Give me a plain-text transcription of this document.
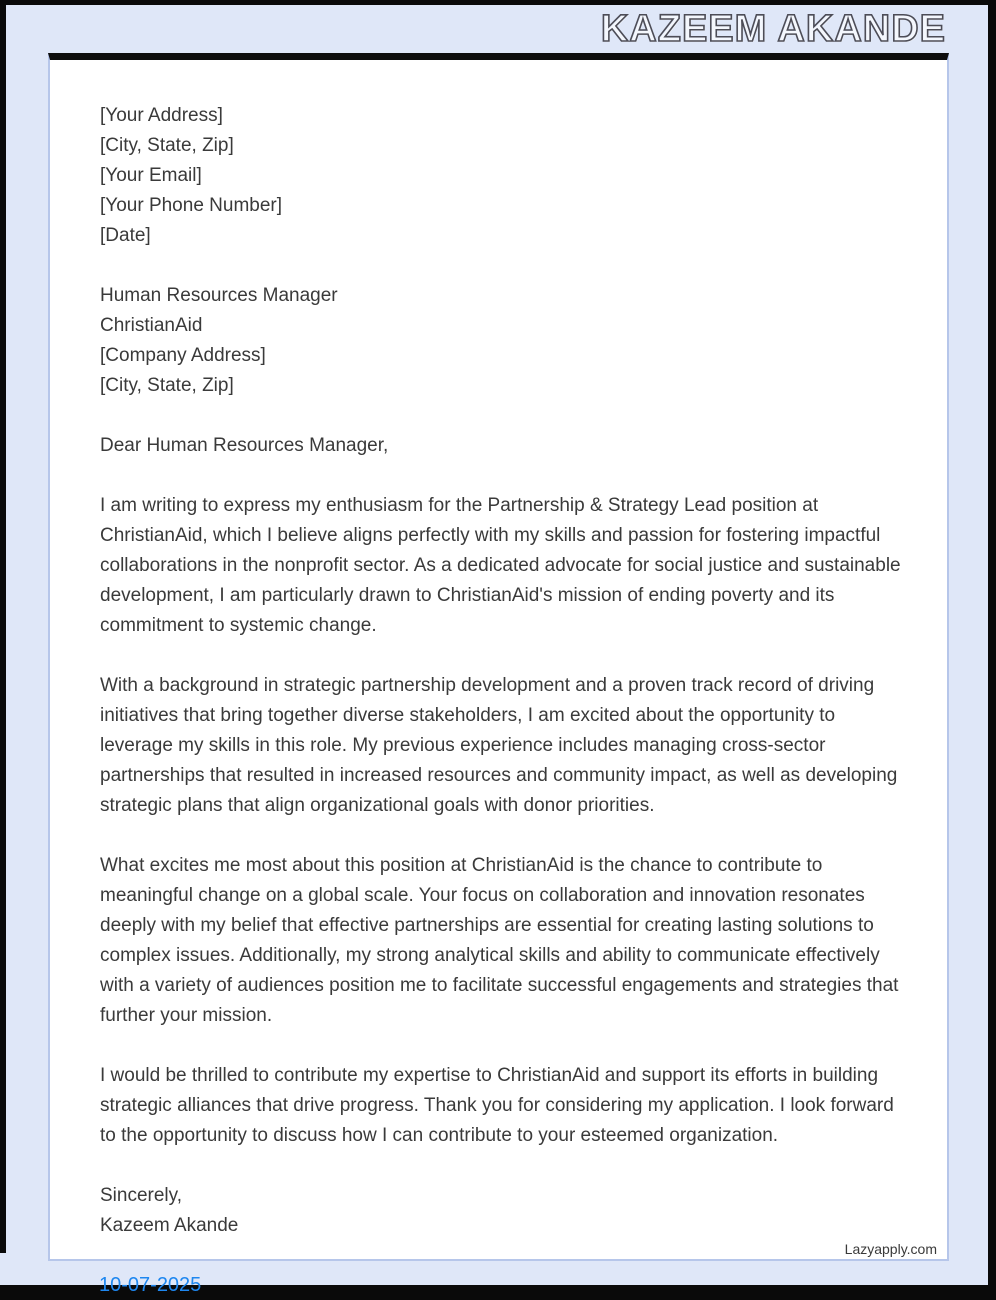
KAZEEM AKANDE
[Your Address]
[City, State, Zip]
[Your Email]
[Your Phone Number]
[Date]
Human Resources Manager
ChristianAid
[Company Address]
[City, State, Zip]
Dear Human Resources Manager,
I am writing to express my enthusiasm for the Partnership & Strategy Lead position at ChristianAid, which I believe aligns perfectly with my skills and passion for fostering impactful collaborations in the nonprofit sector. As a dedicated advocate for social justice and sustainable development, I am particularly drawn to ChristianAid's mission of ending poverty and its commitment to systemic change.
With a background in strategic partnership development and a proven track record of driving initiatives that bring together diverse stakeholders, I am excited about the opportunity to leverage my skills in this role. My previous experience includes managing cross-sector partnerships that resulted in increased resources and community impact, as well as developing strategic plans that align organizational goals with donor priorities.
What excites me most about this position at ChristianAid is the chance to contribute to meaningful change on a global scale. Your focus on collaboration and innovation resonates deeply with my belief that effective partnerships are essential for creating lasting solutions to complex issues. Additionally, my strong analytical skills and ability to communicate effectively with a variety of audiences position me to facilitate successful engagements and strategies that further your mission.
I would be thrilled to contribute my expertise to ChristianAid and support its efforts in building strategic alliances that drive progress. Thank you for considering my application. I look forward to the opportunity to discuss how I can contribute to your esteemed organization.
Sincerely,
Kazeem Akande
Lazyapply.com
10-07-2025
